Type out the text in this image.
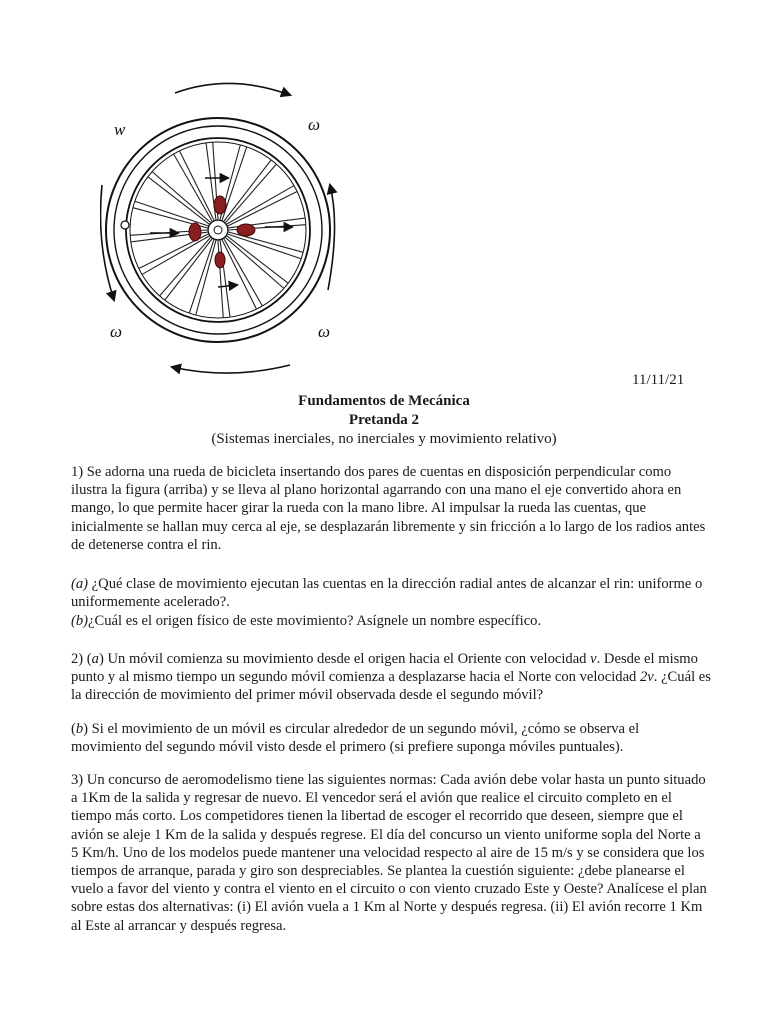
w	ω
ω	ω
11/11/21
Fundamentos de Mecánica
Pretanda 2
(Sistemas inerciales, no inerciales y movimiento relativo)

1) Se adorna una rueda de bicicleta insertando dos pares de cuentas en disposición perpendicular como ilustra la figura (arriba) y se lleva al plano horizontal agarrando con una mano el eje convertido ahora en mango, lo que permite hacer girar la rueda con la mano libre. Al impulsar la rueda las cuentas, que inicialmente se hallan muy cerca al eje, se desplazarán libremente y sin fricción a lo largo de los radios antes de detenerse contra el rin.

(a) ¿Qué clase de movimiento ejecutan las cuentas en la dirección radial antes de alcanzar el rin: uniforme o uniformemente acelerado?.

(b)¿Cuál es el origen físico de este movimiento? Asígnele un nombre específico.

2) (a) Un móvil comienza su movimiento desde el origen hacia el Oriente con velocidad v. Desde el mismo punto y al mismo tiempo un segundo móvil comienza a desplazarse hacia el Norte con velocidad 2v. ¿Cuál es la dirección de movimiento del primer móvil observada desde el segundo móvil?

(b) Si el movimiento de un móvil es circular alrededor de un segundo móvil, ¿cómo se observa el movimiento del segundo móvil visto desde el primero (si prefiere suponga móviles puntuales).

3) Un concurso de aeromodelismo tiene las siguientes normas: Cada avión debe volar hasta un punto situado a 1Km de la salida y regresar de nuevo. El vencedor será el avión que realice el circuito completo en el tiempo más corto. Los competidores tienen la libertad de escoger el recorrido que deseen, siempre que el avión se aleje 1 Km de la salida y después regrese. El día del concurso un viento uniforme sopla del Norte a 5 Km/h. Uno de los modelos puede mantener una velocidad respecto al aire de 15 m/s y se considera que los tiempos de arranque, parada y giro son despreciables. Se plantea la cuestión siguiente: ¿debe planearse el vuelo a favor del viento y contra el viento en el circuito o con viento cruzado Este y Oeste? Analícese el plan sobre estas dos alternativas: (i) El avión vuela a 1 Km al Norte y después regresa. (ii) El avión recorre 1 Km al Este al arrancar y después regresa.
